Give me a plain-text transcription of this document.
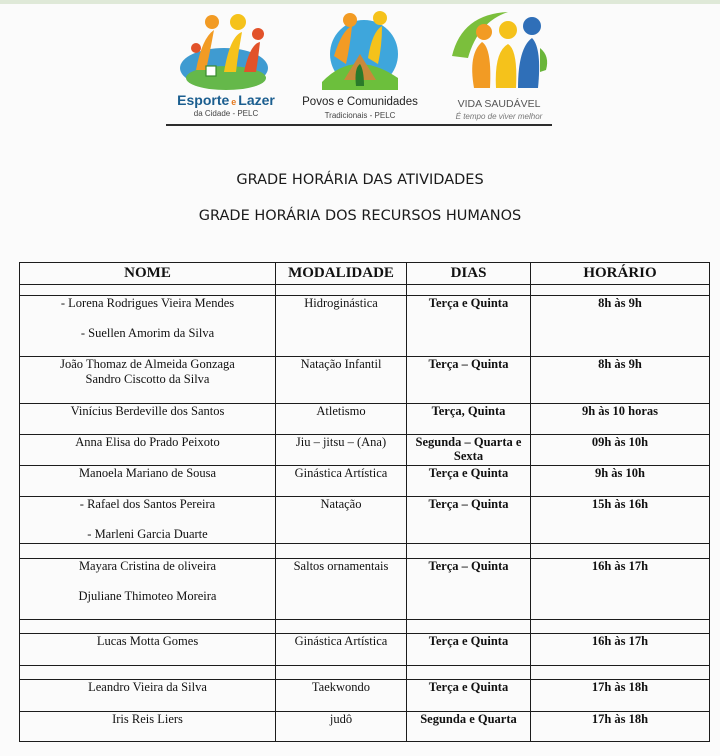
Esporte e Lazer
da Cidade - PELC
Povos e Comunidades
Tradicionais - PELC
VIDA SAUDÁVEL
É tempo de viver melhor
GRADE HORÁRIA DAS ATIVIDADES
GRADE HORÁRIA DOS RECURSOS HUMANOS
NOME	MODALIDADE	DIAS	HORÁRIO

- Lorena Rodrigues Vieira Mendes
- Suellen Amorim da Silva	Hidroginástica	Terça e Quinta	8h às 9h

João Thomaz de Almeida Gonzaga
Sandro Ciscotto da Silva	Natação Infantil	Terça – Quinta	8h às 9h

Vinícius Berdeville dos Santos	Atletismo	Terça, Quinta	9h às 10 horas

Anna Elisa do Prado Peixoto	Jiu – jitsu – (Ana)	Segunda – Quarta e Sexta	09h às 10h

Manoela Mariano de Sousa	Ginástica Artística	Terça e Quinta	9h às 10h

- Rafael dos Santos Pereira
- Marleni Garcia Duarte	Natação	Terça – Quinta	15h às 16h

Mayara Cristina de oliveira
Djuliane Thimoteo Moreira	Saltos ornamentais	Terça – Quinta	16h às 17h

Lucas Motta Gomes	Ginástica Artística	Terça e Quinta	16h às 17h

Leandro Vieira da Silva	Taekwondo	Terça e Quinta	17h às 18h

Iris Reis Liers	judô	Segunda e Quarta	17h às 18h
